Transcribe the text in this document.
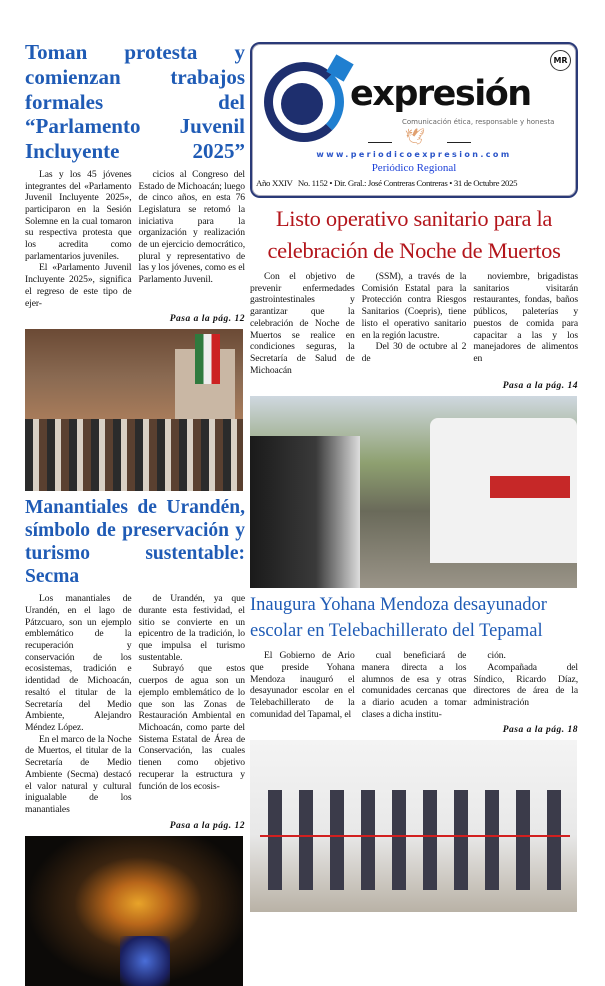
Toman protesta y comienzan trabajos formales del “Parlamento Juvenil Incluyente 2025”

Las y los 45 jóvenes integrantes del «Parlamento Juvenil Incluyente 2025», participaron en la Sesión Solemne en la cual tomaron su respectiva protesta que los acredita como parlamentarios juveniles.

El «Parlamento Juvenil Incluyente 2025», significa el regreso de este tipo de ejer-

cicios al Congreso del Estado de Michoacán; luego de cinco años, en esta 76 Legislatura se retomó la iniciativa para la organización y realización de un ejercicio democrático, plural y representativo de las y los jóvenes, como es el Parlamento Juvenil.

Pasa a la pág. 12
Manantiales de Urandén, símbolo de preservación y turismo sustentable: Secma

Los manantiales de Urandén, en el lago de Pátzcuaro, son un ejemplo emblemático de la recuperación y conservación de los ecosistemas, tradición e identidad de Michoacán, resaltó el titular de la Secretaría del Medio Ambiente, Alejandro Méndez López.

En el marco de la Noche de Muertos, el titular de la Secretaría de Medio Ambiente (Secma) destacó el valor natural y cultural inigualable de los manantiales

de Urandén, ya que durante esta festividad, el sitio se convierte en un epicentro de la tradición, lo que impulsa el turismo sustentable.

Subrayó que estos cuerpos de agua son un ejemplo emblemático de lo que son las Zonas de Restauración Ambiental en Michoacán, como parte del Sistema Estatal de Área de Conservación, las cuales tienen como objetivo recuperar la estructura y función de los ecosis-

Pasa a la pág. 12
expresión
MR
Comunicación ética, responsable y honesta
🕊
www.periodicoexpresion.com
Periódico Regional
Año XXIV   No. 1152 • Dir. Gral.: José Contreras Contreras • 31 de Octubre 2025
Listo operativo sanitario para la celebración de Noche de Muertos

Con el objetivo de prevenir enfermedades gastrointestinales y garantizar que la celebración de Noche de Muertos se realice en condiciones seguras, la Secretaría de Salud de Michoacán

(SSM), a través de la Comisión Estatal para la Protección contra Riesgos Sanitarios (Coepris), tiene listo el operativo sanitario en la región lacustre.

Del 30 de octubre al 2 de

noviembre, brigadistas sanitarios visitarán restaurantes, fondas, baños públicos, paleterías y puestos de comida para capacitar a las y los manejadores de alimentos en

Pasa a la pág. 14
Inaugura Yohana Mendoza desayunador escolar en Telebachillerato del Tepamal

El Gobierno de Ario que preside Yohana Mendoza inauguró el desayunador escolar en el Telebachillerato de la comunidad del Tapamal, el

cual beneficiará de manera directa a los alumnos de esa y otras comunidades cercanas que a diario acuden a tomar clases a dicha institu-

ción.

Acompañada del Síndico, Ricardo Díaz, directores de área de la administración

Pasa a la pág. 18
